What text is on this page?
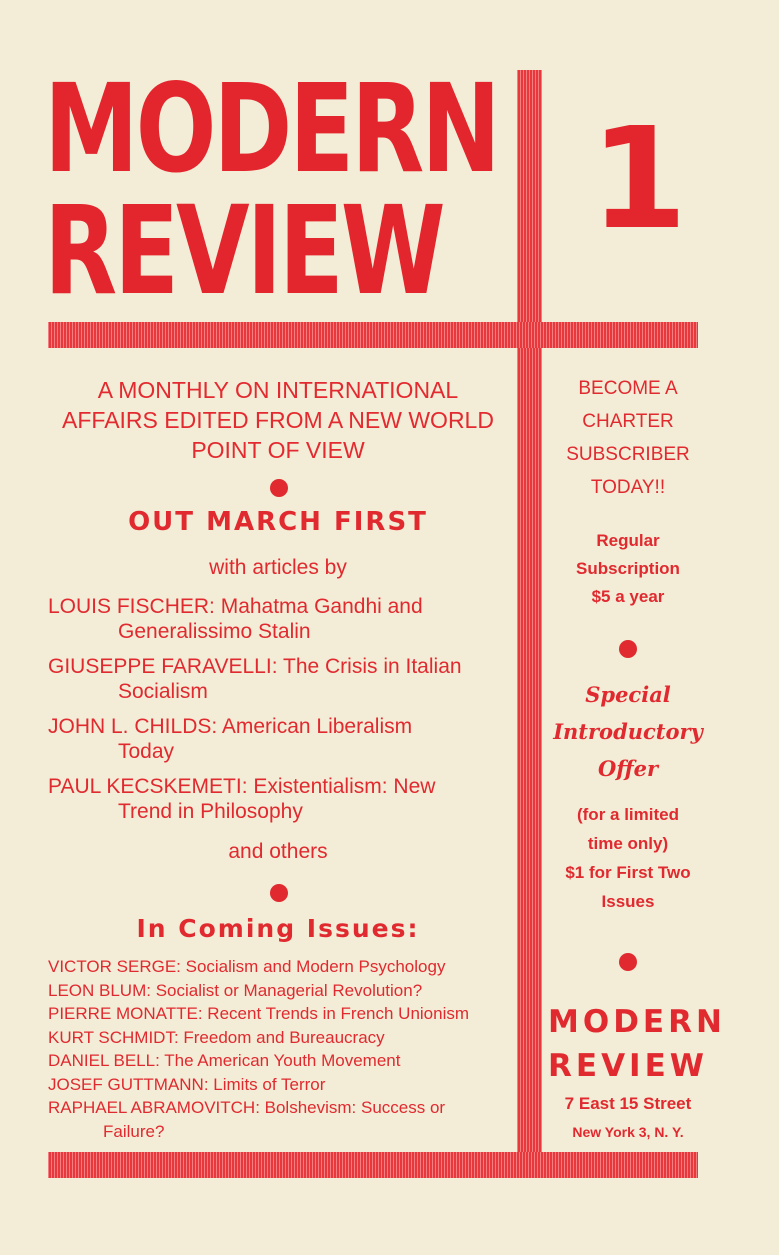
MODERN
REVIEW 1
A MONTHLY ON INTERNATIONAL
AFFAIRS EDITED FROM A NEW WORLD
POINT OF VIEW
OUT MARCH FIRST
with articles by
LOUIS FISCHER: Mahatma Gandhi and
Generalissimo Stalin
GIUSEPPE FARAVELLI: The Crisis in Italian
Socialism
JOHN L. CHILDS: American Liberalism
Today
PAUL KECSKEMETI: Existentialism: New
Trend in Philosophy
and others
In Coming Issues:
VICTOR SERGE: Socialism and Modern Psychology
LEON BLUM: Socialist or Managerial Revolution?
PIERRE MONATTE: Recent Trends in French Unionism
KURT SCHMIDT: Freedom and Bureaucracy
DANIEL BELL: The American Youth Movement
JOSEF GUTTMANN: Limits of Terror
RAPHAEL ABRAMOVITCH: Bolshevism: Success or
Failure?
BECOME A
CHARTER
SUBSCRIBER
TODAY!!
Regular
Subscription
$5 a year
Special
Introductory
Offer
(for a limited
time only)
$1 for First Two
Issues
MODERN
REVIEW
7 East 15 Street
New York 3, N. Y.
